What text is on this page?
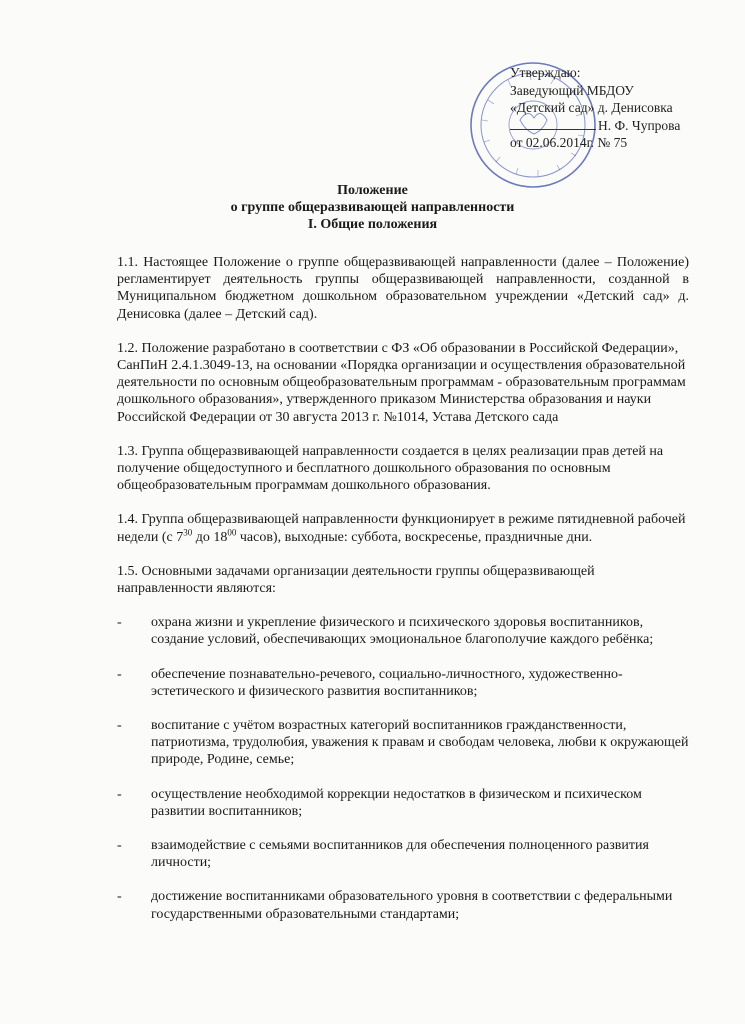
Утверждаю:
Заведующий МБДОУ
«Детский сад» д. Денисовка
Н. Ф. Чупрова
от 02.06.2014г. № 75
Положение
о группе общеразвивающей направленности
I. Общие положения

1.1. Настоящее Положение о группе общеразвивающей направленности (далее – Положение) регламентирует деятельность группы общеразвивающей направленности, созданной в Муниципальном бюджетном дошкольном образовательном учреждении «Детский сад» д. Денисовка (далее – Детский сад).

1.2. Положение разработано в соответствии с ФЗ «Об образовании в Российской Федерации», СанПиН 2.4.1.3049-13, на основании «Порядка организации и осуществления образовательной деятельности по основным общеобразовательным программам - образовательным программам дошкольного образования», утвержденного приказом Министерства образования и науки Российской Федерации от 30 августа 2013 г. №1014, Устава Детского сада

1.3. Группа общеразвивающей направленности создается в целях реализации прав детей на получение общедоступного и бесплатного дошкольного образования по основным общеобразовательным программам дошкольного образования.

1.4. Группа общеразвивающей направленности функционирует в режиме пятидневной рабочей недели (с $7^{30}$ до $18^{00}$ часов), выходные: суббота, воскресенье, праздничные дни.

1.5. Основными задачами организации деятельности группы общеразвивающей направленности являются:

-	охрана жизни и укрепление физического и психического здоровья воспитанников, создание условий, обеспечивающих эмоциональное благополучие каждого ребёнка;
-	обеспечение познавательно-речевого, социально-личностного, художественно-эстетического и физического развития воспитанников;
-	воспитание с учётом возрастных категорий воспитанников гражданственности, патриотизма, трудолюбия, уважения к правам и свободам человека, любви к окружающей природе, Родине, семье;
-	осуществление необходимой коррекции недостатков в физическом и психическом развитии воспитанников;
-	взаимодействие с семьями воспитанников для обеспечения полноценного развития личности;
-	достижение воспитанниками образовательного уровня в соответствии с федеральными государственными образовательными стандартами;
